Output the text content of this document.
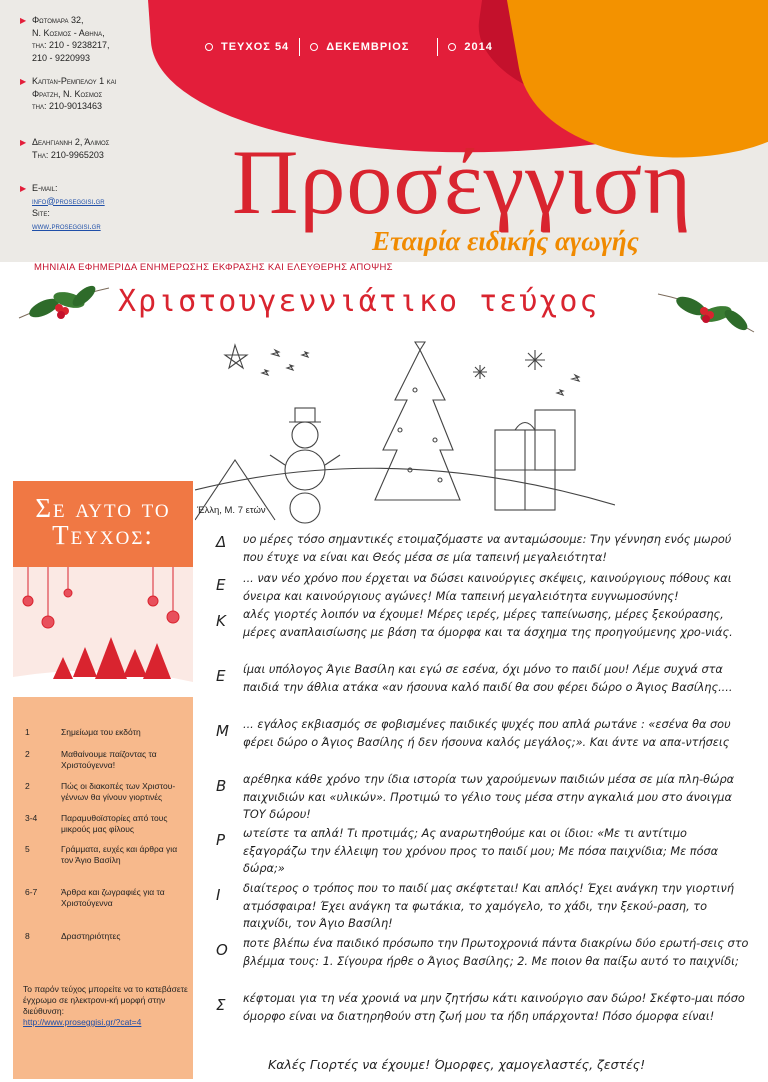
▶ Φωτομαρα 32,
Ν. Κοσμος - Αθηνα,
τηλ: 210 - 9238217,
210 - 9220993
▶ Καπταν-Ρεμπελου 1 και
Φρατζη, Ν. Κοσμος
τηλ: 210-9013463
▶ Δεληγιαννη 2, Άλιμος
Τηλ: 210-9965203
▶ E-mail:
info@proseggisi.gr
Site:
www.proseggisi.gr
ΤΕΥΧΟΣ 54	ΔΕΚΕΜΒΡΙΟΣ	2014
Προσέγγιση
Εταιρία ειδικής αγωγής
ΜΗΝΙΑΙΑ ΕΦΗΜΕΡΙΔΑ ΕΝΗΜΕΡΩΣΗΣ ΕΚΦΡΑΣΗΣ ΚΑΙ ΕΛΕΥΘΕΡΗΣ ΑΠΟΨΗΣ
Χριστουγεννιάτικο τεύχος
Έλλη, Μ. 7 ετών
Σε αυτο το
Τευχος:
1	Σημείωμα του εκδότη
2	Μαθαίνουμε παίζοντας τα Χριστούγεννα!
2	Πώς οι διακοπές των Χριστου-γέννων θα γίνουν γιορτινές
3-4	Παραμυθοϊστορίες από τους μικρούς μας φίλους
5	Γράμματα, ευχές και άρθρα για τον Άγιο Βασίλη
6-7	Άρθρα και ζωγραφιές για τα Χριστούγεννα
8	Δραστηριότητες
Το παρόν τεύχος μπορείτε να το κατεβάσετε έγχρωμο σε ηλεκτρονι-κή μορφή στην διεύθυνση:
http://www.proseggisi.gr/?cat=4
Δ υο μέρες τόσο σημαντικές ετοιμαζόμαστε να ανταμώσουμε: Την γέννηση ενός μωρού που έτυχε να είναι και Θεός μέσα σε μία ταπεινή μεγαλειότητα!
Ε ... ναν νέο χρόνο που έρχεται να δώσει καινούργιες σκέψεις, καινούργιους πόθους και όνειρα και καινούργιους αγώνες! Μία ταπεινή μεγαλειότητα ευγνωμοσύνης!
Κ αλές γιορτές λοιπόν να έχουμε! Μέρες ιερές, μέρες ταπείνωσης, μέρες ξεκούρασης, μέρες αναπλαισίωσης με βάση τα όμορφα και τα άσχημα της προηγούμενης χρο-νιάς.
Ε ίμαι υπόλογος Άγιε Βασίλη και εγώ σε εσένα, όχι μόνο το παιδί μου! Λέμε συχνά στα παιδιά την άθλια ατάκα «αν ήσουνα καλό παιδί θα σου φέρει δώρο ο Άγιος Βασίλης....
Μ ... εγάλος εκβιασμός σε φοβισμένες παιδικές ψυχές που απλά ρωτάνε : «εσένα θα σου φέρει δώρο ο Άγιος Βασίλης ή δεν ήσουνα καλός μεγάλος;». Και άντε να απα-ντήσεις
Β αρέθηκα κάθε χρόνο την ίδια ιστορία των χαρούμενων παιδιών μέσα σε μία πλη-θώρα παιχνιδιών και «υλικών». Προτιμώ το γέλιο τους μέσα στην αγκαλιά μου στο άνοιγμα ΤΟΥ δώρου!
Ρ ωτείστε τα απλά! Τι προτιμάς; Ας αναρωτηθούμε και οι ίδιοι: «Με τι αντίτιμο εξαγοράζω την έλλειψη του χρόνου προς το παιδί μου; Με πόσα παιχνίδια; Με πόσα δώρα;»
Ι διαίτερος ο τρόπος που το παιδί μας σκέφτεται! Και απλός! Έχει ανάγκη την γιορτινή ατμόσφαιρα! Έχει ανάγκη τα φωτάκια, το χαμόγελο, το χάδι, την ξεκού-ραση, το παιχνίδι, τον Άγιο Βασίλη!
Ο ποτε βλέπω ένα παιδικό πρόσωπο την Πρωτοχρονιά πάντα διακρίνω δύο ερωτή-σεις στο βλέμμα τους: 1. Σίγουρα ήρθε ο Άγιος Βασίλης; 2. Με ποιον θα παίξω αυτό το παιχνίδι;
Σ κέφτομαι για τη νέα χρονιά να μην ζητήσω κάτι καινούργιο σαν δώρο! Σκέφτο-μαι πόσο όμορφο είναι να διατηρηθούν στη ζωή μου τα ήδη υπάρχοντα! Πόσο όμορφα είναι!
Καλές Γιορτές να έχουμε! Όμορφες, χαμογελαστές, ζεστές!
